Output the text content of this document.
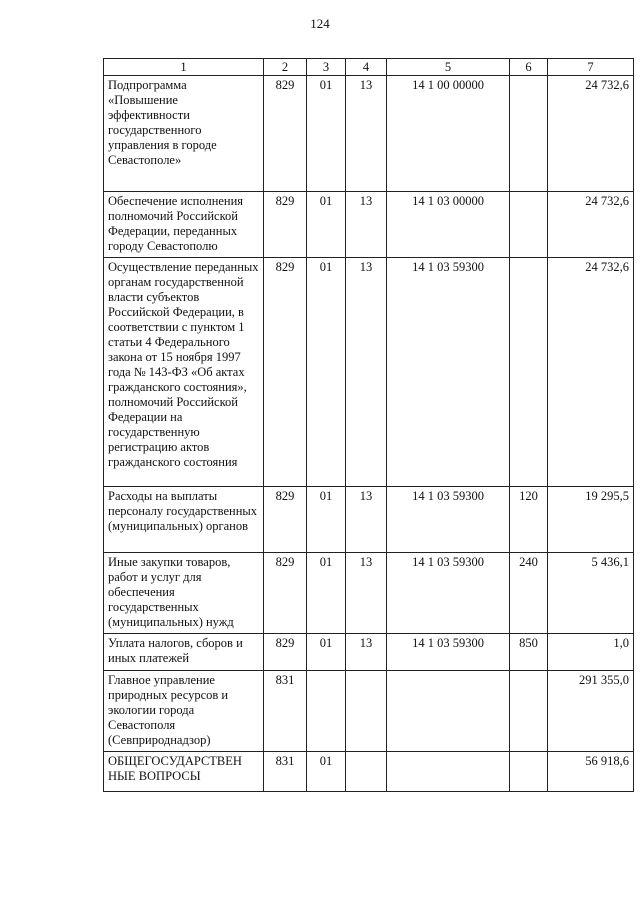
124
1	2	3	4	5	6	7
Подпрограмма «Повышение эффективности государственного управления в городе Севастополе»	829	01	13	14 1 00 00000		24 732,6
Обеспечение исполнения полномочий Российской Федерации, переданных городу Севастополю	829	01	13	14 1 03 00000		24 732,6
Осуществление переданных органам государственной власти субъектов Российской Федерации, в соответствии с пунктом 1 статьи 4 Федерального закона от 15 ноября 1997 года № 143-ФЗ «Об актах гражданского состояния», полномочий Российской Федерации на государственную регистрацию актов гражданского состояния	829	01	13	14 1 03 59300		24 732,6
Расходы на выплаты персоналу государственных (муниципальных) органов	829	01	13	14 1 03 59300	120	19 295,5
Иные закупки товаров, работ и услуг для обеспечения государственных (муниципальных) нужд	829	01	13	14 1 03 59300	240	5 436,1
Уплата налогов, сборов и иных платежей	829	01	13	14 1 03 59300	850	1,0
Главное управление природных ресурсов и экологии города Севастополя (Севприроднадзор)	831					291 355,0
ОБЩЕГОСУДАРСТВЕН НЫЕ ВОПРОСЫ	831	01				56 918,6
